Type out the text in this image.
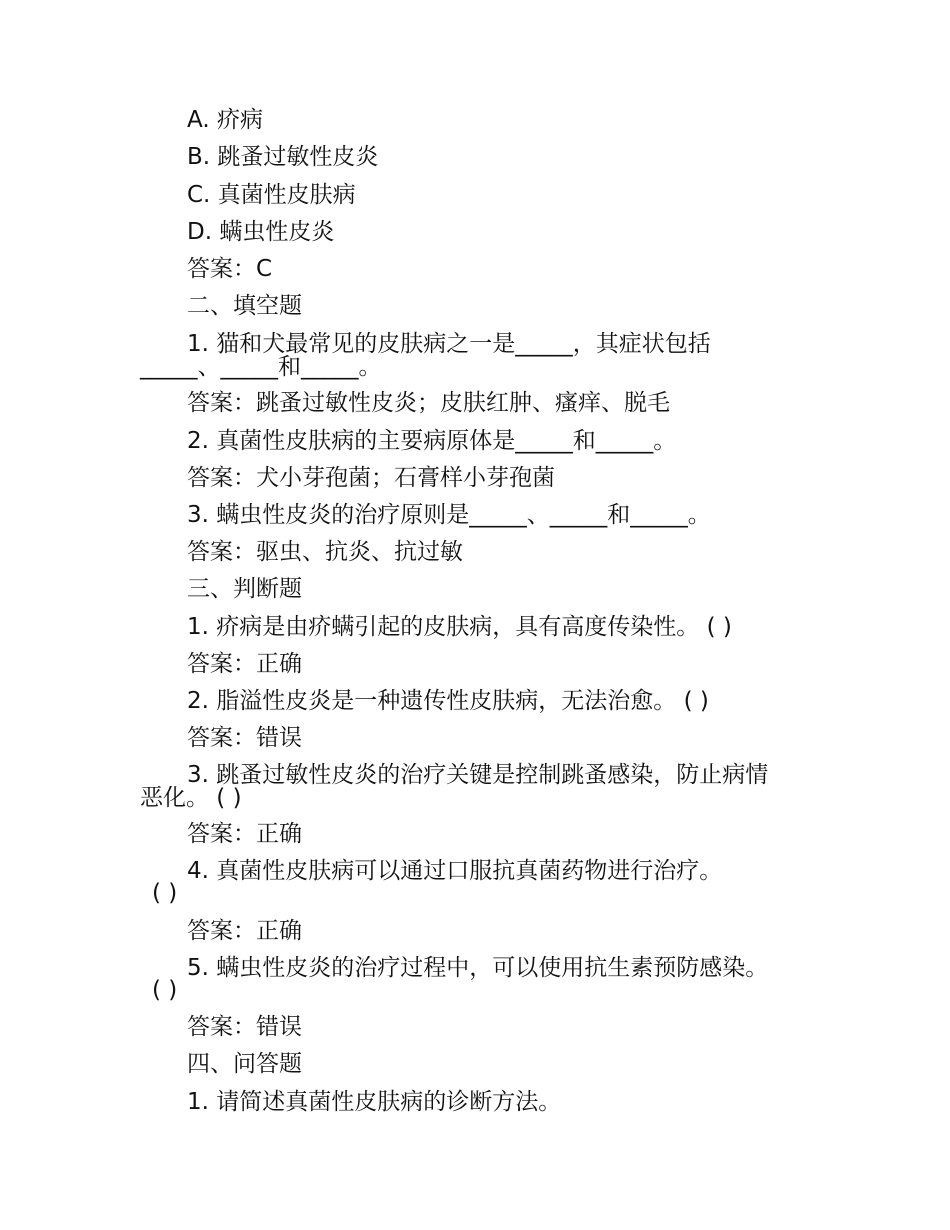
A. 疥病
B. 跳蚤过敏性皮炎
C. 真菌性皮肤病
D. 螨虫性皮炎
答案：C
二、填空题
1. 猫和犬最常见的皮肤病之一是_____，其症状包括
_____、_____和_____。
答案：跳蚤过敏性皮炎；皮肤红肿、瘙痒、脱毛
2. 真菌性皮肤病的主要病原体是_____和_____。
答案：犬小芽孢菌；石膏样小芽孢菌
3. 螨虫性皮炎的治疗原则是_____、_____和_____。
答案：驱虫、抗炎、抗过敏
三、判断题
1. 疥病是由疥螨引起的皮肤病，具有高度传染性。 ( )
答案：正确
2. 脂溢性皮炎是一种遗传性皮肤病，无法治愈。 ( )
答案：错误
3. 跳蚤过敏性皮炎的治疗关键是控制跳蚤感染，防止病情
恶化。 ( )
答案：正确
4. 真菌性皮肤病可以通过口服抗真菌药物进行治疗。
( )
答案：正确
5. 螨虫性皮炎的治疗过程中，可以使用抗生素预防感染。
( )
答案：错误
四、问答题
1. 请简述真菌性皮肤病的诊断方法。
